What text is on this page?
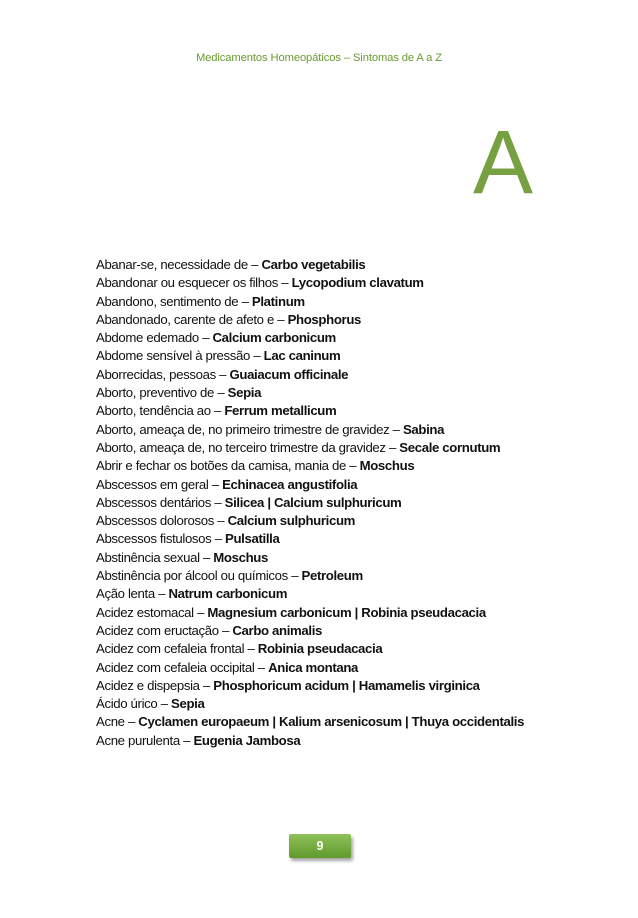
Medicamentos Homeopáticos – Sintomas de A a Z
A
Abanar-se, necessidade de – Carbo vegetabilis
Abandonar ou esquecer os filhos – Lycopodium clavatum
Abandono, sentimento de – Platinum
Abandonado, carente de afeto e – Phosphorus
Abdome edemado – Calcium carbonicum
Abdome sensível à pressão – Lac caninum
Aborrecidas, pessoas – Guaiacum officinale
Aborto, preventivo de – Sepia
Aborto, tendência ao – Ferrum metallicum
Aborto, ameaça de, no primeiro trimestre de gravidez – Sabina
Aborto, ameaça de, no terceiro trimestre da gravidez – Secale cornutum
Abrir e fechar os botões da camisa, mania de – Moschus
Abscessos em geral – Echinacea angustifolia
Abscessos dentários – Silicea | Calcium sulphuricum
Abscessos dolorosos – Calcium sulphuricum
Abscessos fistulosos – Pulsatilla
Abstinência sexual – Moschus
Abstinência por álcool ou químicos – Petroleum
Ação lenta – Natrum carbonicum
Acidez estomacal – Magnesium carbonicum | Robinia pseudacacia
Acidez com eructação – Carbo animalis
Acidez com cefaleia frontal – Robinia pseudacacia
Acidez com cefaleia occipital – Anica montana
Acidez e dispepsia – Phosphoricum acidum | Hamamelis virginica
Ácido úrico – Sepia
Acne – Cyclamen europaeum | Kalium arsenicosum | Thuya occidentalis
Acne purulenta – Eugenia Jambosa
9
